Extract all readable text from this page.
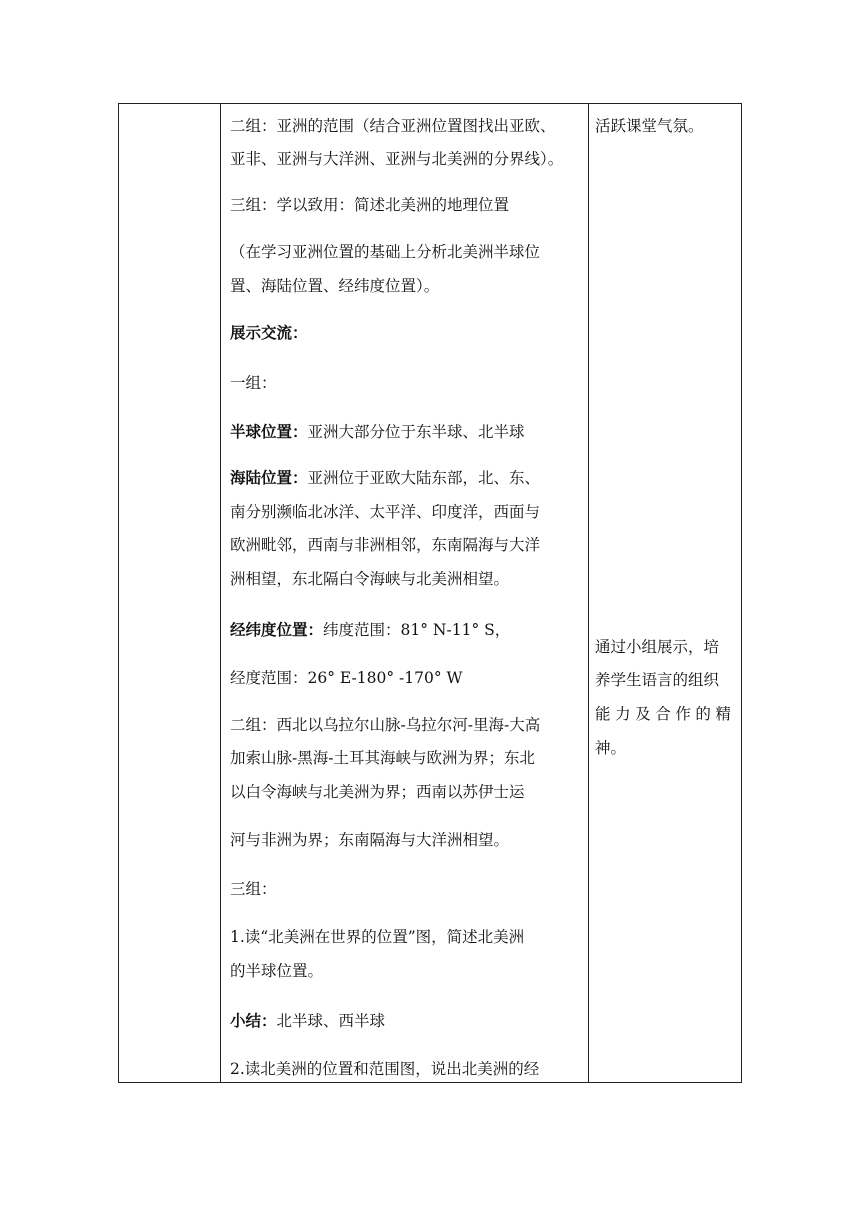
二组：亚洲的范围（结合亚洲位置图找出亚欧、
亚非、亚洲与大洋洲、亚洲与北美洲的分界线）。
三组：学以致用：简述北美洲的地理位置
（在学习亚洲位置的基础上分析北美洲半球位
置、海陆位置、经纬度位置）。
展示交流：
一组：
半球位置：亚洲大部分位于东半球、北半球
海陆位置：亚洲位于亚欧大陆东部，北、东、
南分别濒临北冰洋、太平洋、印度洋，西面与
欧洲毗邻，西南与非洲相邻，东南隔海与大洋
洲相望，东北隔白令海峡与北美洲相望。
经纬度位置：纬度范围：81° N-11° S，
经度范围：26° E-180° -170° W
二组：西北以乌拉尔山脉-乌拉尔河-里海-大高
加索山脉-黑海-土耳其海峡与欧洲为界；东北
以白令海峡与北美洲为界；西南以苏伊士运
河与非洲为界；东南隔海与大洋洲相望。
三组：
1.读“北美洲在世界的位置”图，简述北美洲
的半球位置。
小结：北半球、西半球
2.读北美洲的位置和范围图，说出北美洲的经
活跃课堂气氛。
通过小组展示，培
养学生语言的组织
能 力 及 合 作 的 精
神。
